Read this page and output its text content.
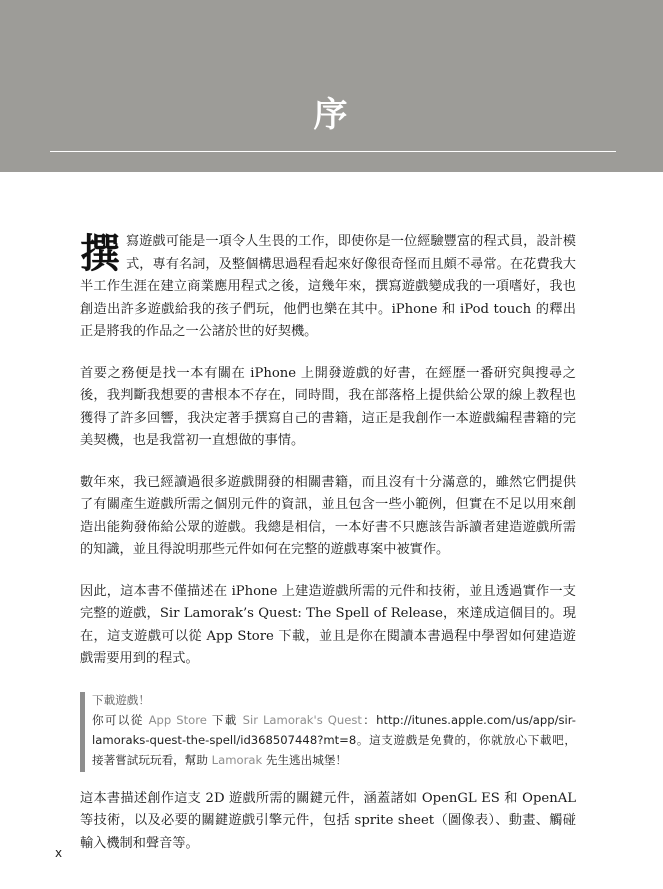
序

撰寫遊戲可能是一項令人生畏的工作，即使你是一位經驗豐富的程式員，設計模式，專有名詞，及整個構思過程看起來好像很奇怪而且頗不尋常。在花費我大半工作生涯在建立商業應用程式之後，這幾年來，撰寫遊戲變成我的一項嗜好，我也創造出許多遊戲給我的孩子們玩，他們也樂在其中。iPhone 和 iPod touch 的釋出正是將我的作品之一公諸於世的好契機。

首要之務便是找一本有關在 iPhone 上開發遊戲的好書，在經歷一番研究與搜尋之後，我判斷我想要的書根本不存在，同時間，我在部落格上提供給公眾的線上教程也獲得了許多回響，我決定著手撰寫自己的書籍，這正是我創作一本遊戲編程書籍的完美契機，也是我當初一直想做的事情。

數年來，我已經讀過很多遊戲開發的相關書籍，而且沒有十分滿意的，雖然它們提供了有關產生遊戲所需之個別元件的資訊，並且包含一些小範例，但實在不足以用來創造出能夠發佈給公眾的遊戲。我總是相信，一本好書不只應該告訴讀者建造遊戲所需的知識，並且得說明那些元件如何在完整的遊戲專案中被實作。

因此，這本書不僅描述在 iPhone 上建造遊戲所需的元件和技術，並且透過實作一支完整的遊戲，Sir Lamorak’s Quest: The Spell of Release，來達成這個目的。現在，這支遊戲可以從 App Store 下載，並且是你在閱讀本書過程中學習如何建造遊戲需要用到的程式。

下載遊戲！
你可以從 App Store 下載 Sir Lamorak's Quest：http://itunes.apple.com/us/app/sir-lamoraks-quest-the-spell/id368507448?mt=8。這支遊戲是免費的，你就放心下載吧，接著嘗試玩玩看，幫助 Lamorak 先生逃出城堡！

這本書描述創作這支 2D 遊戲所需的關鍵元件，涵蓋諸如 OpenGL ES 和 OpenAL 等技術，以及必要的關鍵遊戲引擎元件，包括 sprite sheet（圖像表）、動畫、觸碰輸入機制和聲音等。

x
